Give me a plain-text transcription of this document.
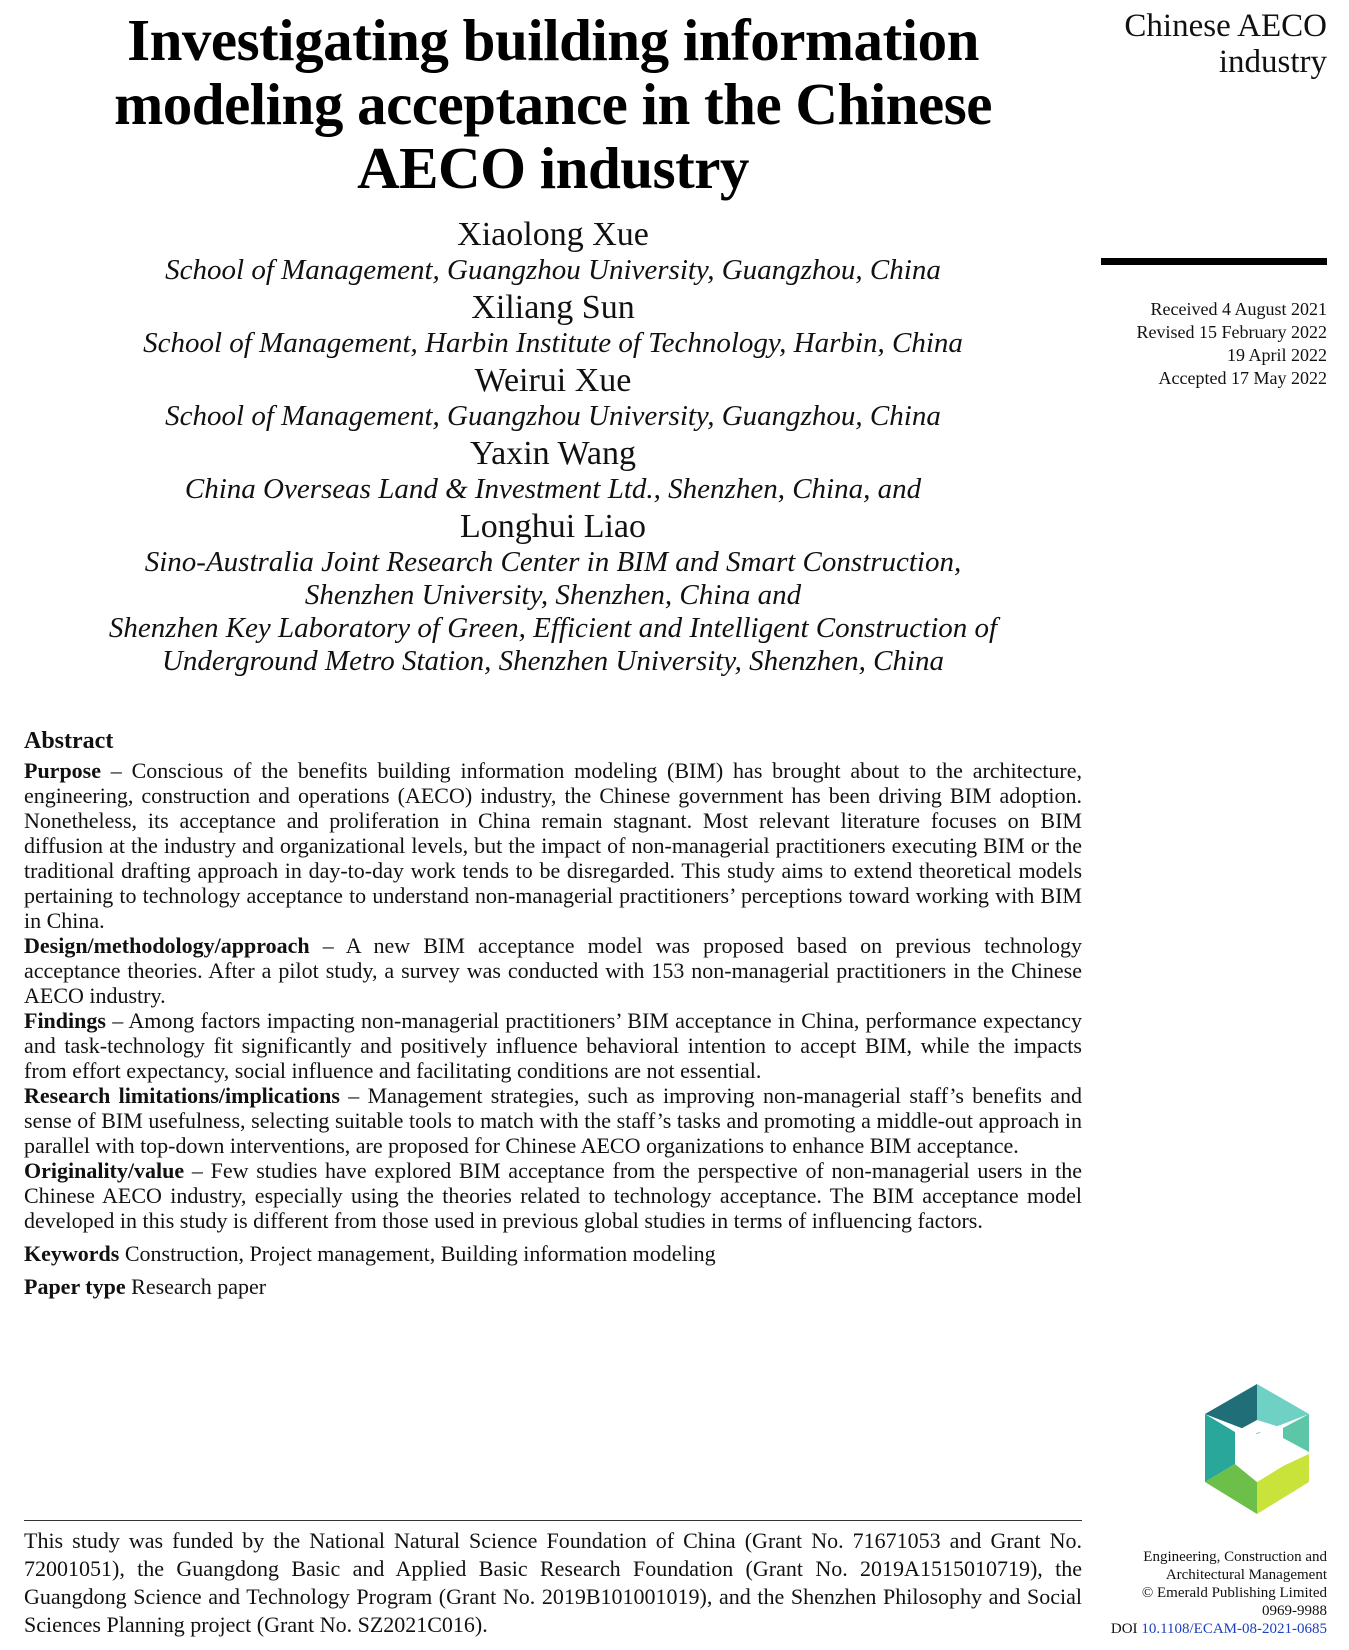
Investigating building information
modeling acceptance in the Chinese
AECO industry
Xiaolong Xue
School of Management, Guangzhou University, Guangzhou, China
Xiliang Sun
School of Management, Harbin Institute of Technology, Harbin, China
Weirui Xue
School of Management, Guangzhou University, Guangzhou, China
Yaxin Wang
China Overseas Land & Investment Ltd., Shenzhen, China, and
Longhui Liao
Sino-Australia Joint Research Center in BIM and Smart Construction,
Shenzhen University, Shenzhen, China and
Shenzhen Key Laboratory of Green, Efficient and Intelligent Construction of
Underground Metro Station, Shenzhen University, Shenzhen, China
Abstract

Purpose – Conscious of the benefits building information modeling (BIM) has brought about to the architecture, engineering, construction and operations (AECO) industry, the Chinese government has been driving BIM adoption. Nonetheless, its acceptance and proliferation in China remain stagnant. Most relevant literature focuses on BIM diffusion at the industry and organizational levels, but the impact of non-managerial practitioners executing BIM or the traditional drafting approach in day-to-day work tends to be disregarded. This study aims to extend theoretical models pertaining to technology acceptance to understand non-managerial practitioners’ perceptions toward working with BIM in China.

Design/methodology/approach – A new BIM acceptance model was proposed based on previous technology acceptance theories. After a pilot study, a survey was conducted with 153 non-managerial practitioners in the Chinese AECO industry.

Findings – Among factors impacting non-managerial practitioners’ BIM acceptance in China, performance expectancy and task-technology fit significantly and positively influence behavioral intention to accept BIM, while the impacts from effort expectancy, social influence and facilitating conditions are not essential.

Research limitations/implications – Management strategies, such as improving non-managerial staff’s benefits and sense of BIM usefulness, selecting suitable tools to match with the staff’s tasks and promoting a middle-out approach in parallel with top-down interventions, are proposed for Chinese AECO organizations to enhance BIM acceptance.

Originality/value – Few studies have explored BIM acceptance from the perspective of non-managerial users in the Chinese AECO industry, especially using the theories related to technology acceptance. The BIM acceptance model developed in this study is different from those used in previous global studies in terms of influencing factors.

Keywords Construction, Project management, Building information modeling
Paper type Research paper
This study was funded by the National Natural Science Foundation of China (Grant No. 71671053 and Grant No. 72001051), the Guangdong Basic and Applied Basic Research Foundation (Grant No. 2019A1515010719), the Guangdong Science and Technology Program (Grant No. 2019B101001019), and the Shenzhen Philosophy and Social Sciences Planning project (Grant No. SZ2021C016).
Chinese AECO
industry
Received 4 August 2021
Revised 15 February 2022
19 April 2022
Accepted 17 May 2022
Engineering, Construction and
Architectural Management
© Emerald Publishing Limited
0969-9988
DOI 10.1108/ECAM-08-2021-0685
